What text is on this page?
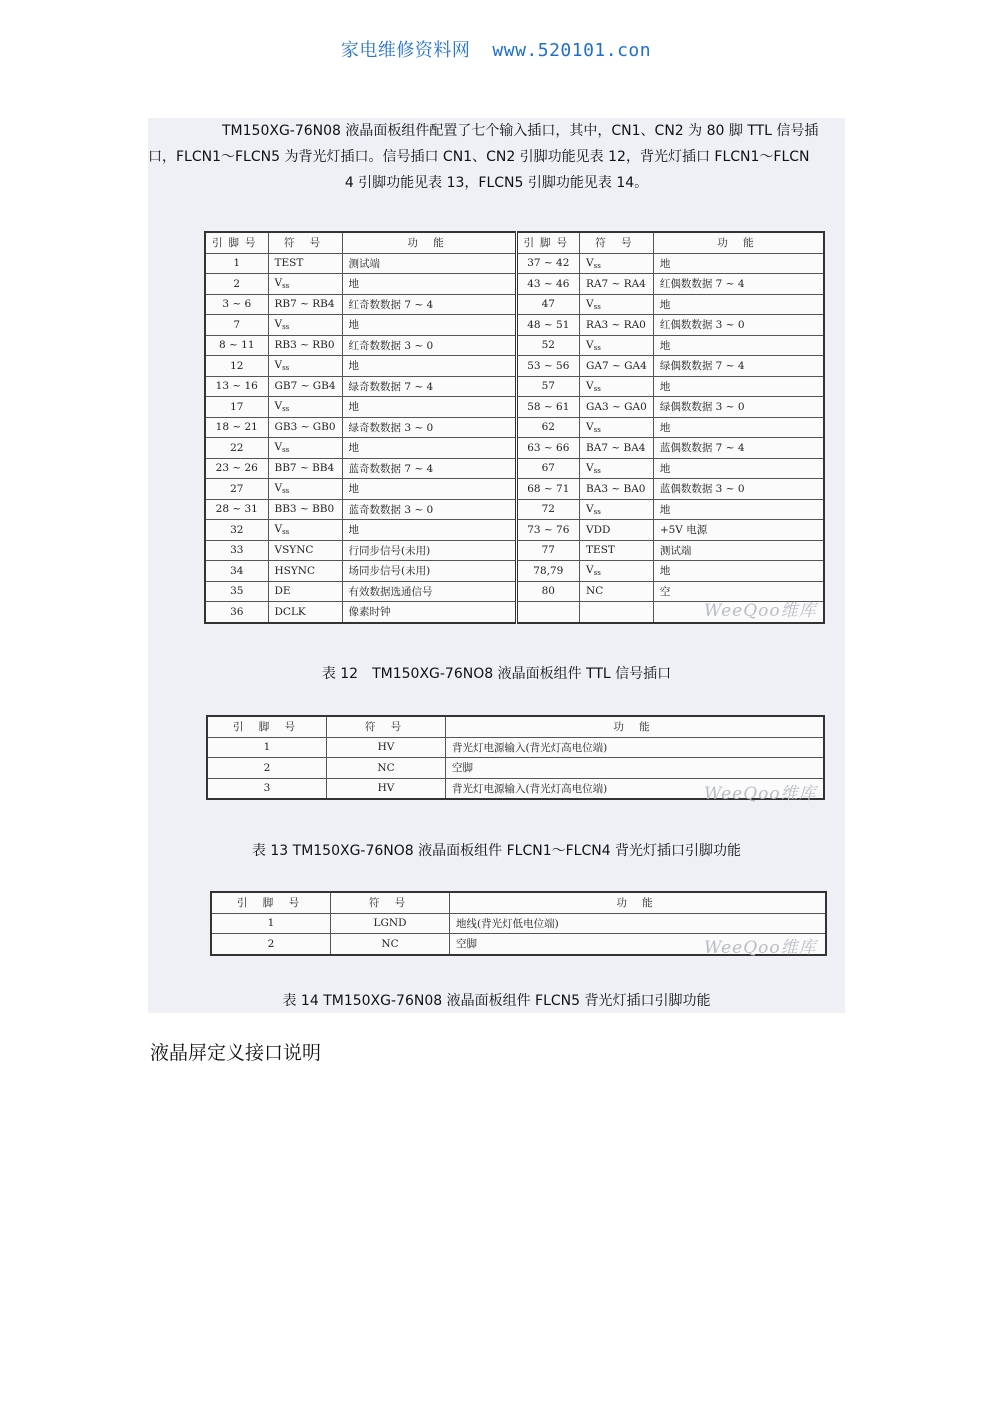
家电维修资料网 www.520101.con

TM150XG-76N08 液晶面板组件配置了七个输入插口，其中，CN1、CN2 为 80 脚 TTL 信号插

口，FLCN1～FLCN5 为背光灯插口。信号插口 CN1、CN2 引脚功能见表 12，背光灯插口 FLCN1～FLCN

4 引脚功能见表 13，FLCN5 引脚功能见表 14。

引脚号	符 号	功 能	引脚号	符 号	功 能
1	TEST	测试端	37 ~ 42	$V_{ss}$	地
2	$V_{ss}$	地	43 ~ 46	RA7 ~ RA4	红偶数数据 7 ~ 4
3 ~ 6	RB7 ~ RB4	红奇数数据 7 ~ 4	47	$V_{ss}$	地
7	$V_{ss}$	地	48 ~ 51	RA3 ~ RA0	红偶数数据 3 ~ 0
8 ~ 11	RB3 ~ RB0	红奇数数据 3 ~ 0	52	$V_{ss}$	地
12	$V_{ss}$	地	53 ~ 56	GA7 ~ GA4	绿偶数数据 7 ~ 4
13 ~ 16	GB7 ~ GB4	绿奇数数据 7 ~ 4	57	$V_{ss}$	地
17	$V_{ss}$	地	58 ~ 61	GA3 ~ GA0	绿偶数数据 3 ~ 0
18 ~ 21	GB3 ~ GB0	绿奇数数据 3 ~ 0	62	$V_{ss}$	地
22	$V_{ss}$	地	63 ~ 66	BA7 ~ BA4	蓝偶数数据 7 ~ 4
23 ~ 26	BB7 ~ BB4	蓝奇数数据 7 ~ 4	67	$V_{ss}$	地
27	$V_{ss}$	地	68 ~ 71	BA3 ~ BA0	蓝偶数数据 3 ~ 0
28 ~ 31	BB3 ~ BB0	蓝奇数数据 3 ~ 0	72	$V_{ss}$	地
32	$V_{ss}$	地	73 ~ 76	VDD	+5V 电源
33	VSYNC	行同步信号(未用)	77	TEST	测试端
34	HSYNC	场同步信号(未用)	78,79	$V_{ss}$	地
35	DE	有效数据选通信号	80	NC	空
36	DCLK	像素时钟				WeeQoo维库
表 12　TM150XG-76NO8 液晶面板组件 TTL 信号插口
引 脚 号	符 号	功 能
1	HV	背光灯电源输入(背光灯高电位端)
2	NC	空脚
3	HV	背光灯电源输入(背光灯高电位端)	WeeQoo维库
表 13 TM150XG-76NO8 液晶面板组件 FLCN1～FLCN4 背光灯插口引脚功能
引 脚 号	符 号	功 能
1	LGND	地线(背光灯低电位端)
2	NC	空脚	WeeQoo维库
表 14 TM150XG-76N08 液晶面板组件 FLCN5 背光灯插口引脚功能
液晶屏定义接口说明
